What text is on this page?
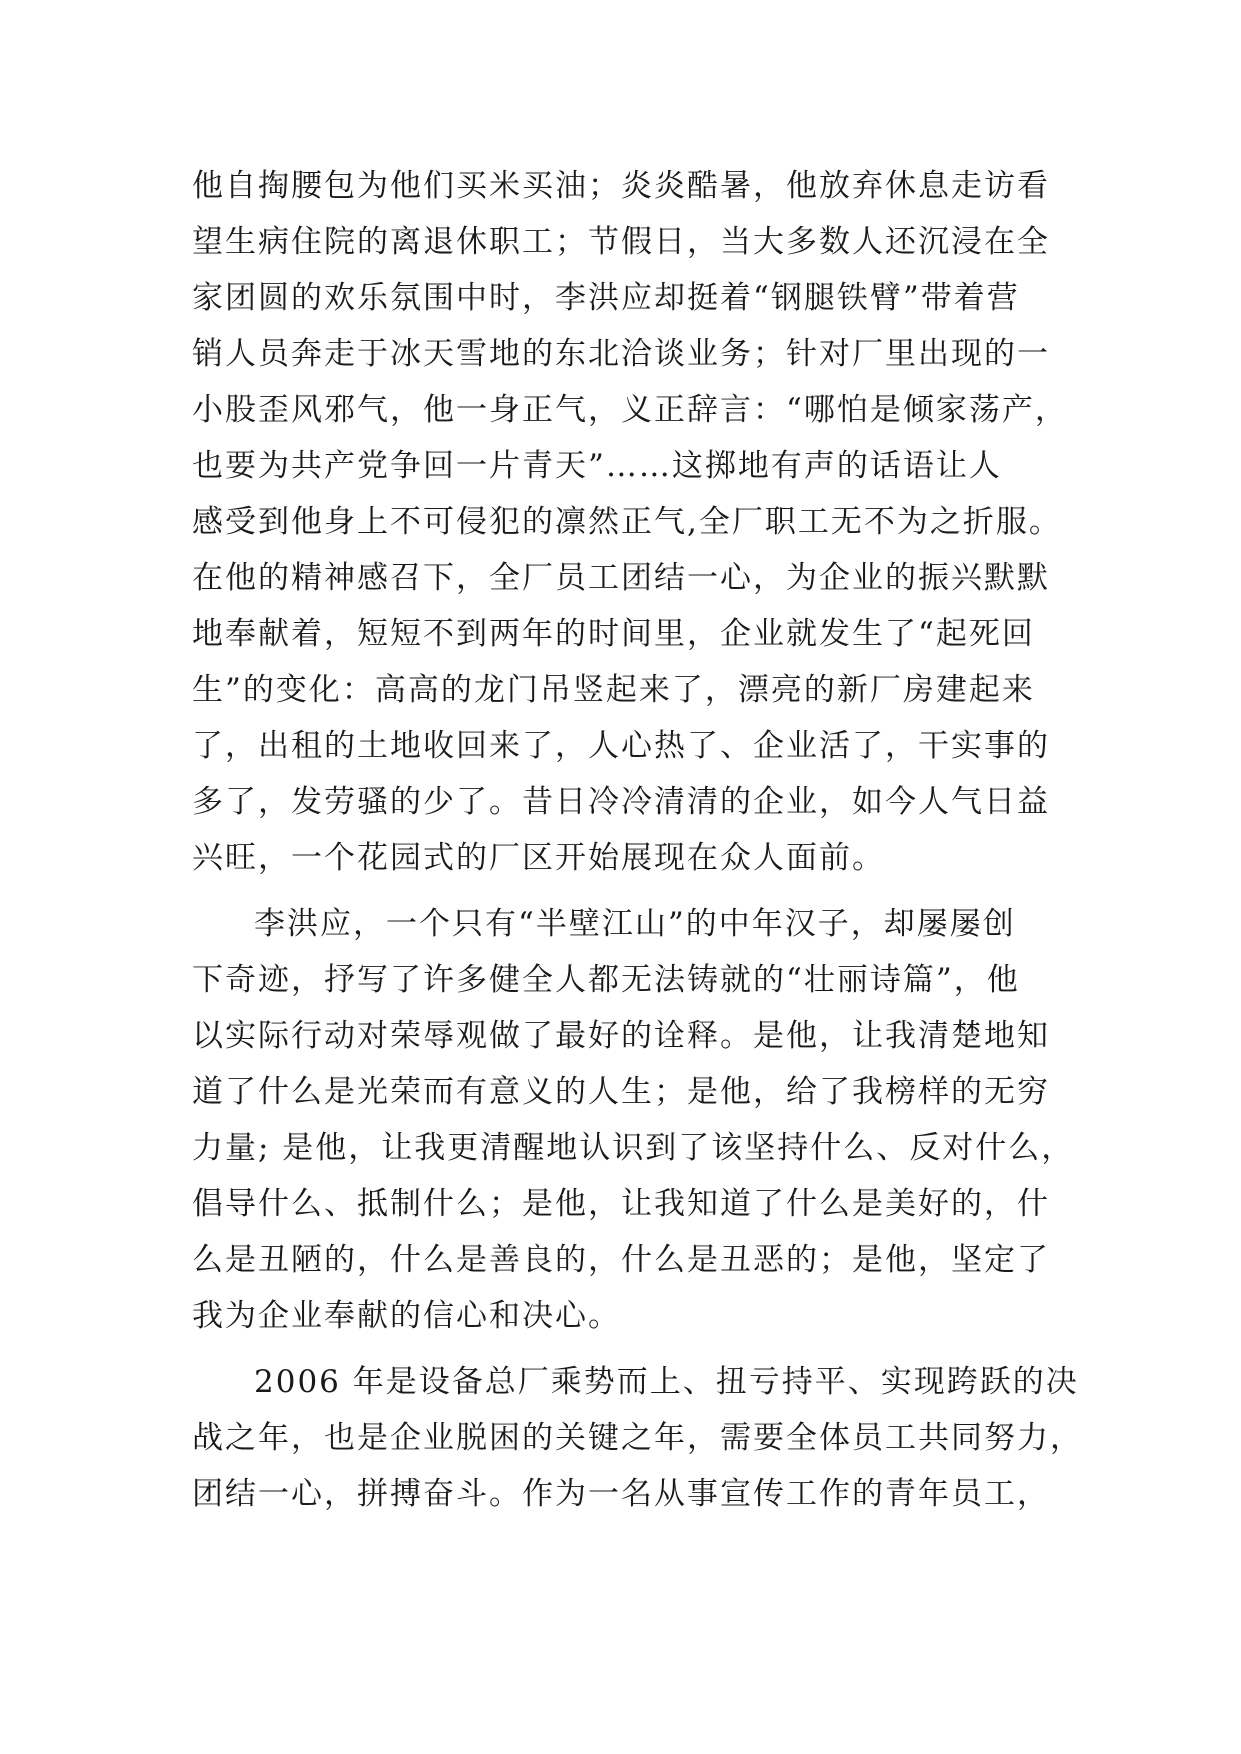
他自掏腰包为他们买米买油；炎炎酷暑，他放弃休息走访看
望生病住院的离退休职工；节假日，当大多数人还沉浸在全
家团圆的欢乐氛围中时，李洪应却挺着“钢腿铁臂”带着营
销人员奔走于冰天雪地的东北洽谈业务；针对厂里出现的一
小股歪风邪气，他一身正气，义正辞言：“哪怕是倾家荡产，
也要为共产党争回一片青天”……这掷地有声的话语让人
感受到他身上不可侵犯的凛然正气,全厂职工无不为之折服。
在他的精神感召下，全厂员工团结一心，为企业的振兴默默
地奉献着，短短不到两年的时间里，企业就发生了“起死回
生”的变化：高高的龙门吊竖起来了，漂亮的新厂房建起来
了，出租的土地收回来了，人心热了、企业活了，干实事的
多了，发劳骚的少了。昔日冷冷清清的企业，如今人气日益
兴旺，一个花园式的厂区开始展现在众人面前。
李洪应，一个只有“半壁江山”的中年汉子，却屡屡创
下奇迹，抒写了许多健全人都无法铸就的“壮丽诗篇”，他
以实际行动对荣辱观做了最好的诠释。是他，让我清楚地知
道了什么是光荣而有意义的人生；是他，给了我榜样的无穷
力量; 是他，让我更清醒地认识到了该坚持什么、反对什么，
倡导什么、抵制什么；是他，让我知道了什么是美好的，什
么是丑陋的，什么是善良的，什么是丑恶的；是他，坚定了
我为企业奉献的信心和决心。
2006 年是设备总厂乘势而上、扭亏持平、实现跨跃的决
战之年，也是企业脱困的关键之年，需要全体员工共同努力，
团结一心，拼搏奋斗。作为一名从事宣传工作的青年员工，
